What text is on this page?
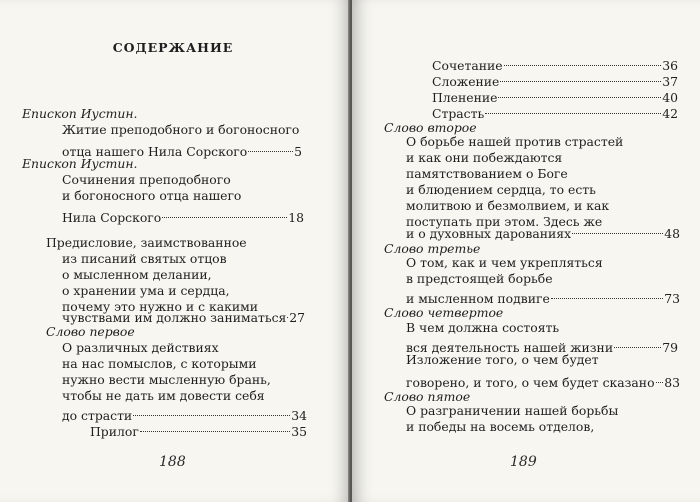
СОДЕРЖАНИЕ
Епископ Иустин.
Житие преподобного и богоносного
отца нашего Нила Сорского	5
Епископ Иустин.
Сочинения преподобного
и богоносного отца нашего
Нила Сорского	18
Предисловие, заимствованное
из писаний святых отцов
о мысленном делании,
о хранении ума и сердца,
почему это нужно и с какими
чувствами им должно заниматься 27
Слово первое
О различных действиях
на нас помыслов, с которыми
нужно вести мысленную брань,
чтобы не дать им довести себя
до страсти	34
Прилог	35
188
Сочетание	36
Сложение	37
Пленение	40
Страсть	42
Слово второе
О борьбе нашей против страстей
и как они побеждаются
памятствованием о Боге
и блюдением сердца, то есть
молитвою и безмолвием, и как
поступать при этом. Здесь же
и о духовных дарованиях	48
Слово третье
О том, как и чем укрепляться
в предстоящей борьбе
и мысленном подвиге	73
Слово четвертое
В чем должна состоять
вся деятельность нашей жизни	79
Изложение того, о чем будет
говорено, и того, о чем будет сказано 83
Слово пятое
О разграничении нашей борьбы
и победы на восемь отделов,
189
